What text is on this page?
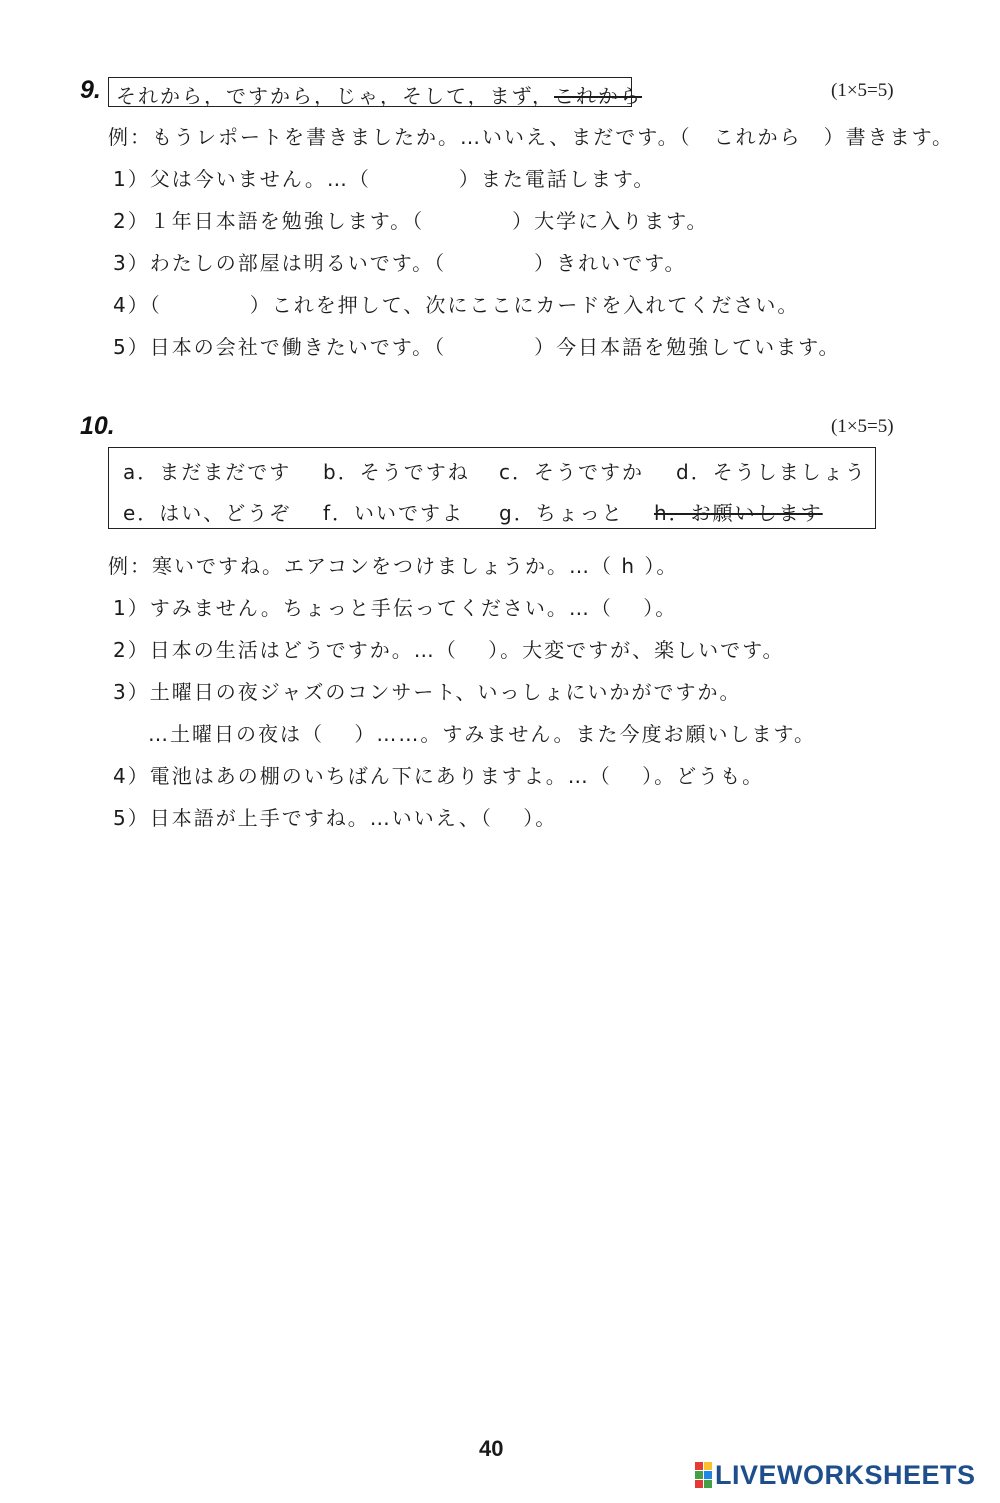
9. それから，ですから，じゃ，そして，まず，これから	(1×5=5)
例：もうレポートを書きましたか。…いいえ、まだです。（　これから　）書きます。
1）父は今いません。…（　　　　）また電話します。
2）１年日本語を勉強します。（　　　　）大学に入ります。
3）わたしの部屋は明るいです。（　　　　）きれいです。
4）（　　　　）これを押して、次にここにカードを入れてください。
5）日本の会社で働きたいです。（　　　　）今日本語を勉強しています。
10.	(1×5=5)
a．まだまだです b．そうですね c．そうですか d．そうしましょう
e．はい、どうぞ f．いいですよ g．ちょっと h．お願いします
例：寒いですね。エアコンをつけましょうか。…（ h ）。
1）すみません。ちょっと手伝ってください。…（　 ）。
2）日本の生活はどうですか。…（　 ）。大変ですが、楽しいです。
3）土曜日の夜ジャズのコンサート、いっしょにいかがですか。
…土曜日の夜は（　 ）……。すみません。また今度お願いします。
4）電池はあの棚のいちばん下にありますよ。…（　 ）。どうも。
5）日本語が上手ですね。…いいえ、（　 ）。
40
LIVEWORKSHEETS
